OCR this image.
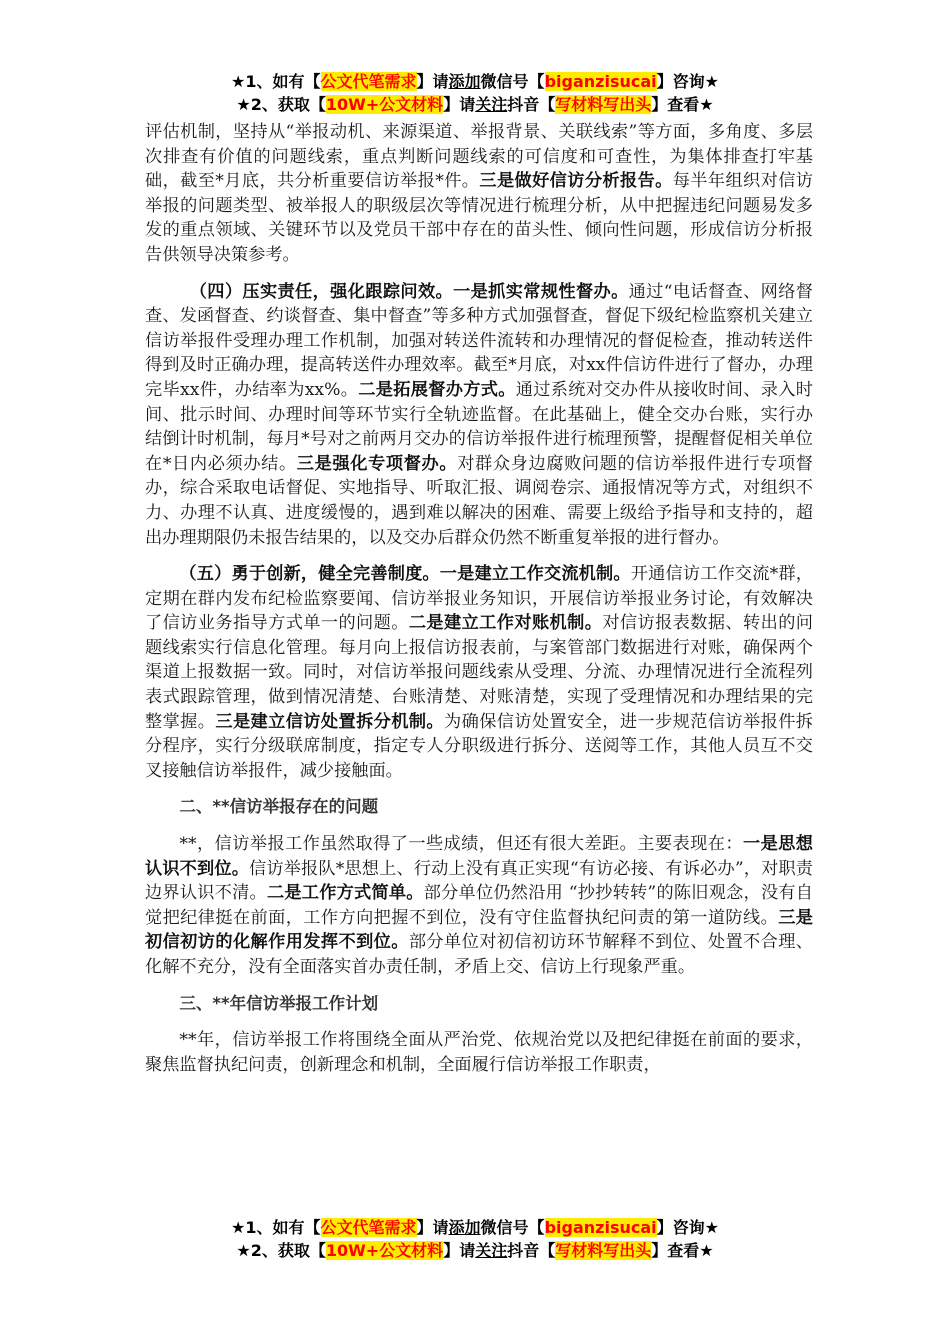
★1、如有【公文代笔需求】请添加微信号【biganzisucai】咨询★
★2、获取【10W+公文材料】请关注抖音【写材料写出头】查看★

评估机制，坚持从“举报动机、来源渠道、举报背景、关联线索”等方面，多角度、多层次排查有价值的问题线索，重点判断问题线索的可信度和可查性，为集体排查打牢基础，截至*月底，共分析重要信访举报*件。三是做好信访分析报告。每半年组织对信访举报的问题类型、被举报人的职级层次等情况进行梳理分析，从中把握违纪问题易发多发的重点领域、关键环节以及党员干部中存在的苗头性、倾向性问题，形成信访分析报告供领导决策参考。

（四）压实责任，强化跟踪问效。一是抓实常规性督办。通过“电话督查、网络督查、发函督查、约谈督查、集中督查”等多种方式加强督查，督促下级纪检监察机关建立信访举报件受理办理工作机制，加强对转送件流转和办理情况的督促检查，推动转送件得到及时正确办理，提高转送件办理效率。截至*月底，对xx件信访件进行了督办，办理完毕xx件，办结率为xx%。二是拓展督办方式。通过系统对交办件从接收时间、录入时间、批示时间、办理时间等环节实行全轨迹监督。在此基础上，健全交办台账，实行办结倒计时机制，每月*号对之前两月交办的信访举报件进行梳理预警，提醒督促相关单位在*日内必须办结。三是强化专项督办。对群众身边腐败问题的信访举报件进行专项督办，综合采取电话督促、实地指导、听取汇报、调阅卷宗、通报情况等方式，对组织不力、办理不认真、进度缓慢的，遇到难以解决的困难、需要上级给予指导和支持的，超出办理期限仍未报告结果的，以及交办后群众仍然不断重复举报的进行督办。

（五）勇于创新，健全完善制度。一是建立工作交流机制。开通信访工作交流*群，定期在群内发布纪检监察要闻、信访举报业务知识，开展信访举报业务讨论，有效解决了信访业务指导方式单一的问题。二是建立工作对账机制。对信访报表数据、转出的问题线索实行信息化管理。每月向上报信访报表前，与案管部门数据进行对账，确保两个渠道上报数据一致。同时，对信访举报问题线索从受理、分流、办理情况进行全流程列表式跟踪管理，做到情况清楚、台账清楚、对账清楚，实现了受理情况和办理结果的完整掌握。三是建立信访处置拆分机制。为确保信访处置安全，进一步规范信访举报件拆分程序，实行分级联席制度，指定专人分职级进行拆分、送阅等工作，其他人员互不交叉接触信访举报件，减少接触面。

二、**信访举报存在的问题

**，信访举报工作虽然取得了一些成绩，但还有很大差距。主要表现在：一是思想认识不到位。信访举报队*思想上、行动上没有真正实现“有访必接、有诉必办”，对职责边界认识不清。二是工作方式简单。部分单位仍然沿用 “抄抄转转”的陈旧观念，没有自觉把纪律挺在前面，工作方向把握不到位，没有守住监督执纪问责的第一道防线。三是初信初访的化解作用发挥不到位。部分单位对初信初访环节解释不到位、处置不合理、化解不充分，没有全面落实首办责任制，矛盾上交、信访上行现象严重。

三、**年信访举报工作计划

**年，信访举报工作将围绕全面从严治党、依规治党以及把纪律挺在前面的要求，聚焦监督执纪问责，创新理念和机制，全面履行信访举报工作职责，

★1、如有【公文代笔需求】请添加微信号【biganzisucai】咨询★
★2、获取【10W+公文材料】请关注抖音【写材料写出头】查看★
